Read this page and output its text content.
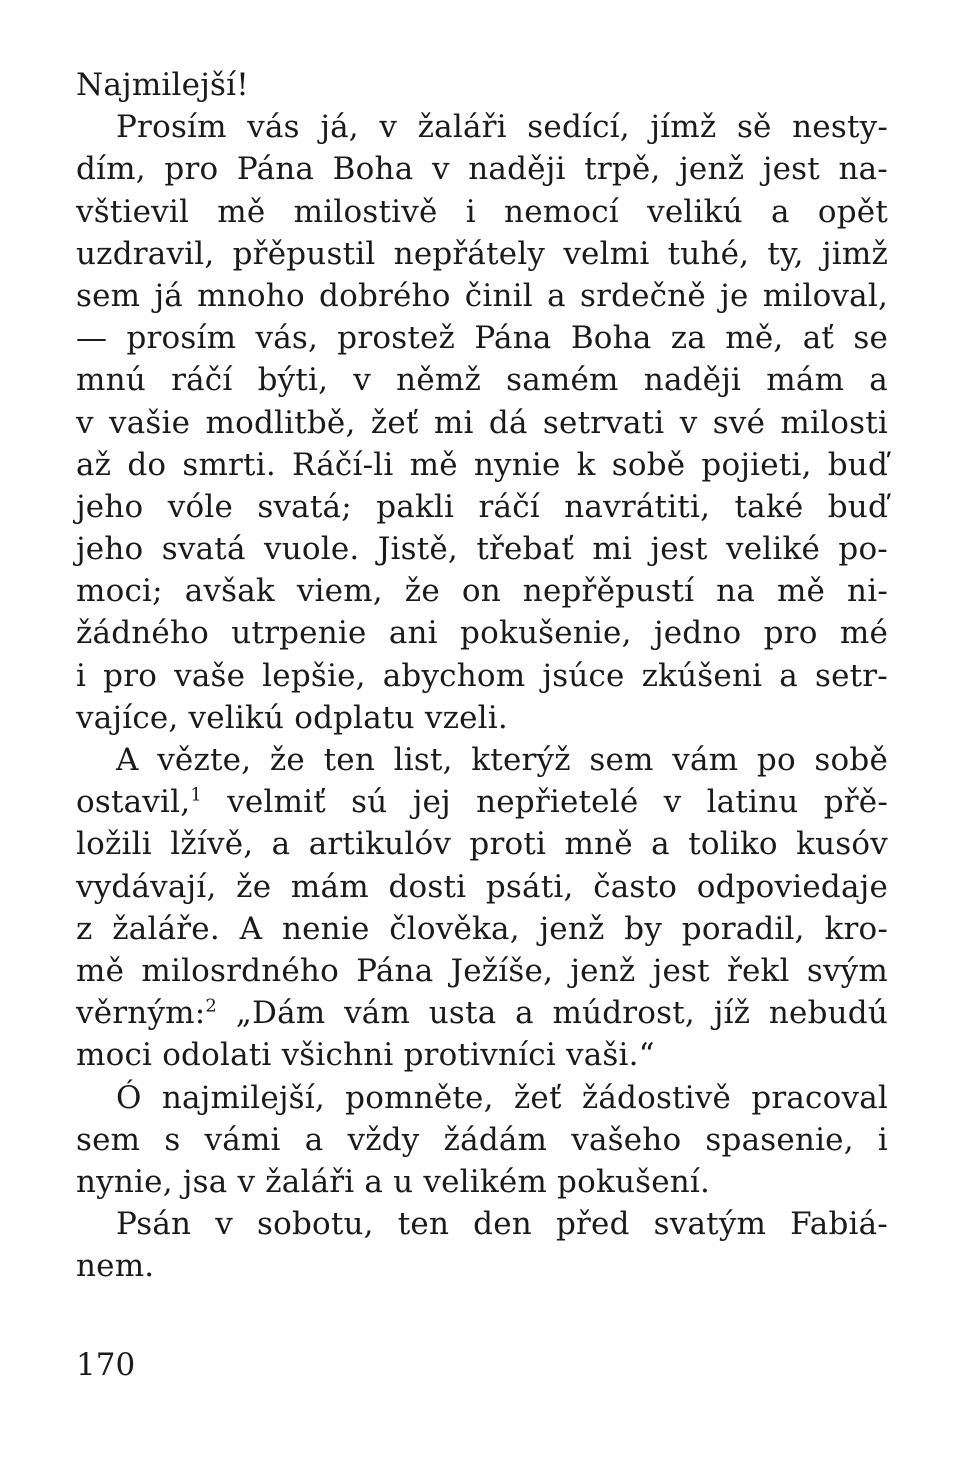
Najmilejší!
Prosím vás já, v žaláři sedící, jímž sě nesty-
dím, pro Pána Boha v naději trpě, jenž jest na-
vštievil mě milostivě i nemocí velikú a opět
uzdravil, přěpustil nepřátely velmi tuhé, ty, jimž
sem já mnoho dobrého činil a srdečně je miloval,
— prosím vás, prostež Pána Boha za mě, ať se
mnú ráčí býti, v němž samém naději mám a
v vašie modlitbě, žeť mi dá setrvati v své milosti
až do smrti. Ráčí-li mě nynie k sobě pojieti, buď
jeho vóle svatá; pakli ráčí navrátiti, také buď
jeho svatá vuole. Jistě, třebať mi jest veliké po-
moci; avšak viem, že on nepřěpustí na mě ni-
žádného utrpenie ani pokušenie, jedno pro mé
i pro vaše lepšie, abychom jsúce zkúšeni a setr-
vajíce, velikú odplatu vzeli.
A vězte, že ten list, kterýž sem vám po sobě
ostavil,$^1$ velmiť sú jej nepřietelé v latinu přě-
ložili lžívě, a artikulóv proti mně a toliko kusóv
vydávají, že mám dosti psáti, často odpoviedaje
z žaláře. A nenie člověka, jenž by poradil, kro-
mě milosrdného Pána Ježíše, jenž jest řekl svým
věrným:$^2$ „Dám vám usta a múdrost, jíž nebudú
moci odolati všichni protivníci vaši.“
Ó najmilejší, pomněte, žeť žádostivě pracoval
sem s vámi a vždy žádám vašeho spasenie, i
nynie, jsa v žaláři a u velikém pokušení.
Psán v sobotu, ten den před svatým Fabiá-
nem.
170
